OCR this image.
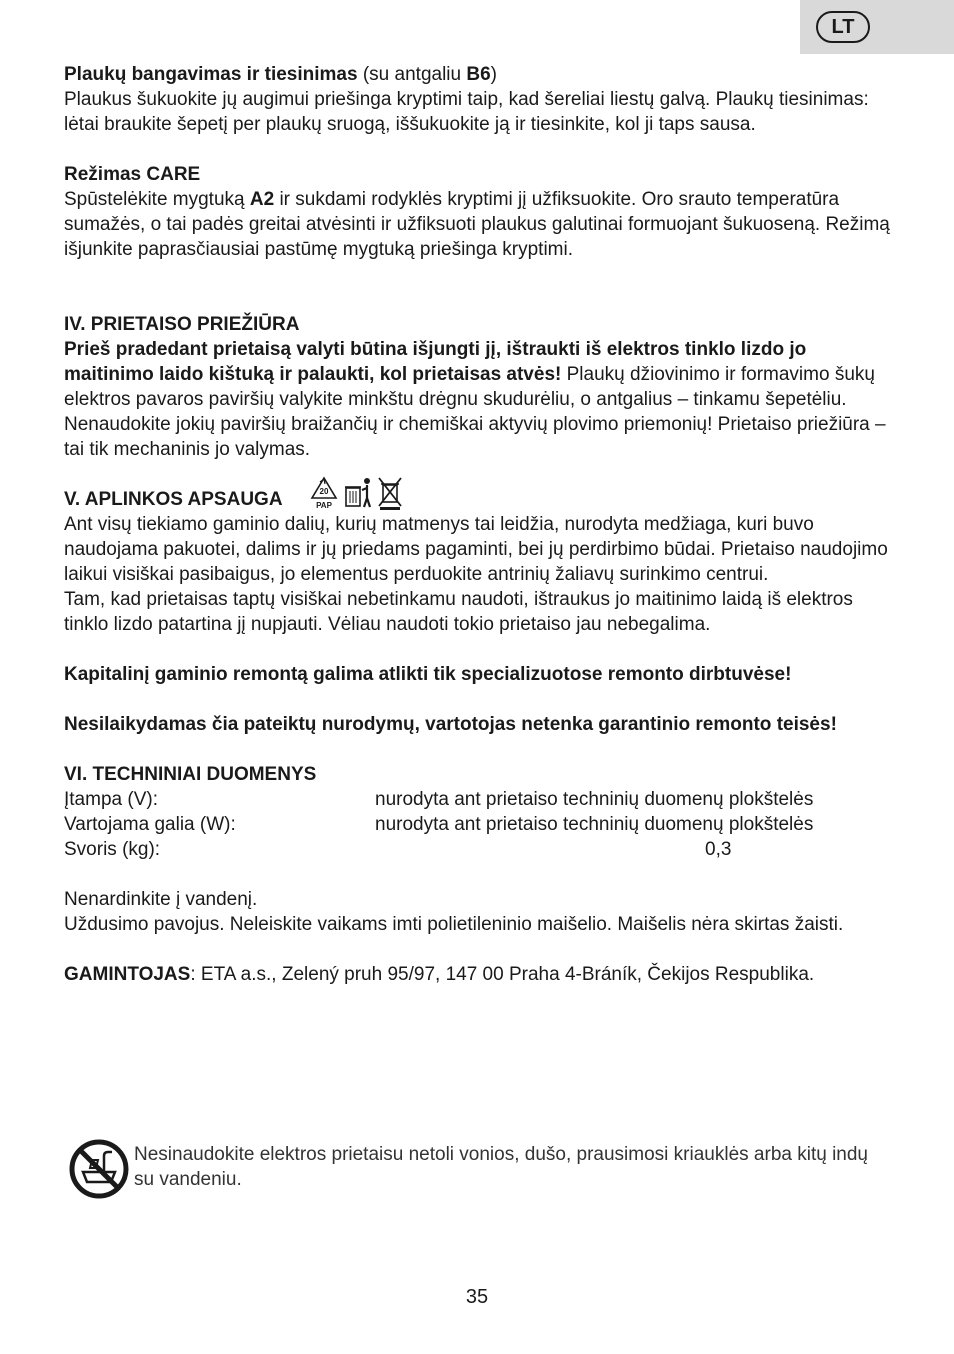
LT

Plaukų bangavimas ir tiesinimas (su antgaliu B6)

Plaukus šukuokite jų augimui priešinga kryptimi taip, kad šereliai liestų galvą. Plaukų tiesinimas: lėtai braukite šepetį per plaukų sruogą, iššukuokite ją ir tiesinkite, kol ji taps sausa.

Režimas CARE

Spūstelėkite mygtuką A2 ir sukdami rodyklės kryptimi jį užfiksuokite. Oro srauto temperatūra sumažės, o tai padės greitai atvėsinti ir užfiksuoti plaukus galutinai formuojant šukuoseną. Režimą išjunkite paprasčiausiai pastūmę mygtuką priešinga kryptimi.

IV. PRIETAISO PRIEŽIŪRA

Prieš pradedant prietaisą valyti būtina išjungti jį, ištraukti iš elektros tinklo lizdo jo maitinimo laido kištuką ir palaukti, kol prietaisas atvės! Plaukų džiovinimo ir formavimo šukų elektros pavaros paviršių valykite minkštu drėgnu skudurėliu, o antgalius – tinkamu šepetėliu. Nenaudokite jokių paviršių braižančių ir chemiškai aktyvių plovimo priemonių! Prietaiso priežiūra – tai tik mechaninis jo valymas.

V. APLINKOS APSAUGA	20
PAP

Ant visų tiekiamo gaminio dalių, kurių matmenys tai leidžia, nurodyta medžiaga, kuri buvo naudojama pakuotei, dalims ir jų priedams pagaminti, bei jų perdirbimo būdai. Prietaiso naudojimo laikui visiškai pasibaigus, jo elementus perduokite antrinių žaliavų surinkimo centrui.

Tam, kad prietaisas taptų visiškai nebetinkamu naudoti, ištraukus jo maitinimo laidą iš elektros tinklo lizdo patartina jį nupjauti. Vėliau naudoti tokio prietaiso jau nebegalima.

Kapitalinį gaminio remontą galima atlikti tik specializuotose remonto dirbtuvėse!

Nesilaikydamas čia pateiktų nurodymų, vartotojas netenka garantinio remonto teisės!

VI. TECHNINIAI DUOMENYS

Įtampa (V):	nurodyta ant prietaiso techninių duomenų plokštelės
Vartojama galia (W):	nurodyta ant prietaiso techninių duomenų plokštelės
Svoris (kg):	0,3

Nenardinkite į vandenį.

Uždusimo pavojus. Neleiskite vaikams imti polietileninio maišelio. Maišelis nėra skirtas žaisti.

GAMINTOJAS: ETA a.s., Zelený pruh 95/97, 147 00 Praha 4-Bráník, Čekijos Respublika.

Nesinaudokite elektros prietaisu netoli vonios, dušo, prausimosi kriauklės arba kitų indų su vandeniu.
35
